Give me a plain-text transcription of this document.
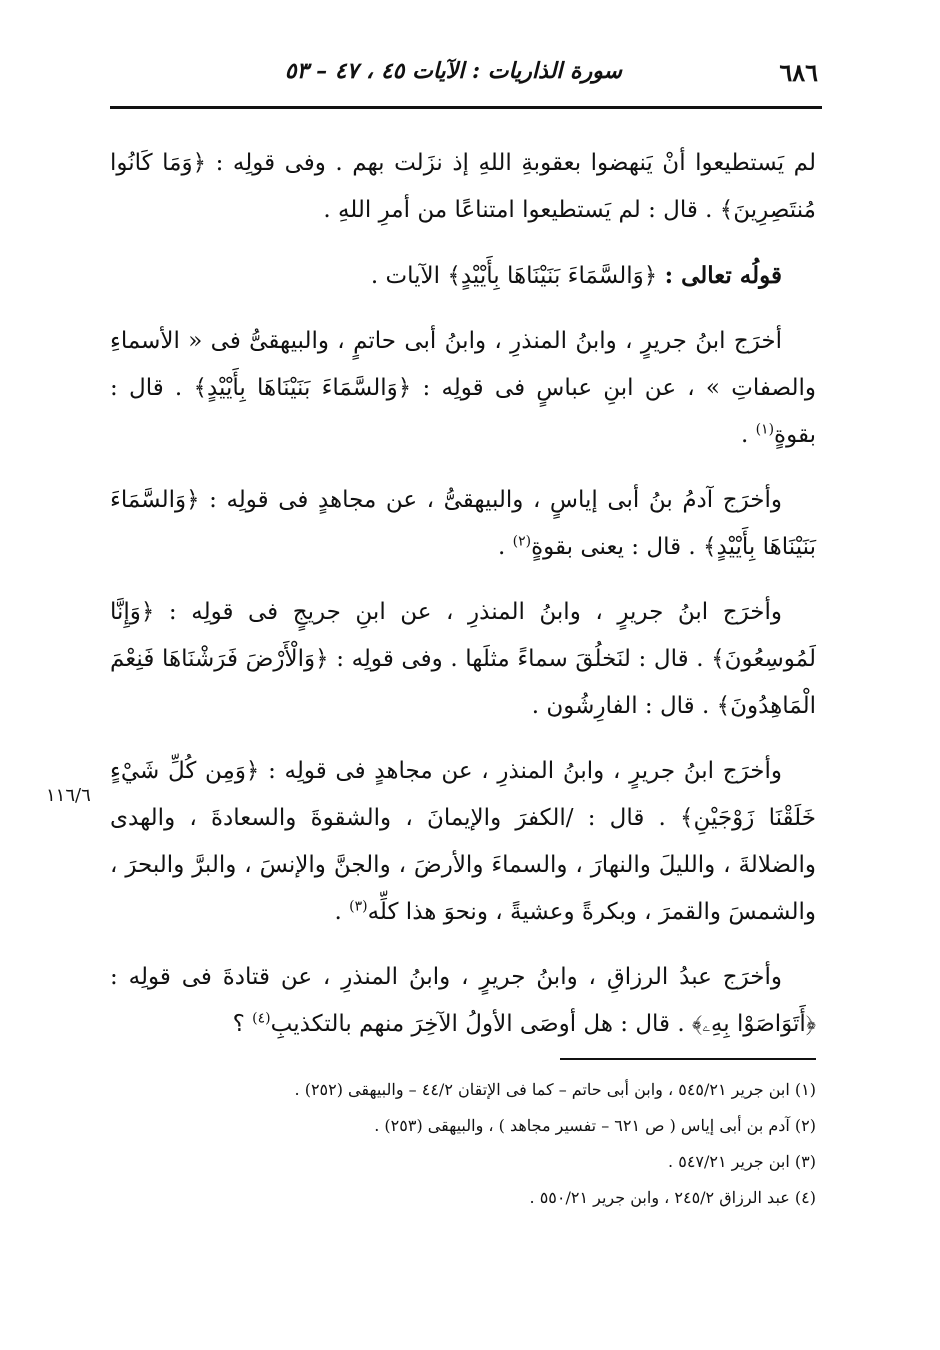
٦٨٦
سورة الذاريات : الآيات ٤٥ ، ٤٧ – ٥٣
١١٦/٦

لم يَستطيعوا أنْ يَنهضوا بعقوبةِ اللهِ إذ نزَلت بهم . وفى قولِه : ﴿وَمَا كَانُوا مُنتَصِرِينَ﴾ . قال : لم يَستطيعوا امتناعًا من أمرِ اللهِ .

قولُه تعالى : ﴿وَالسَّمَاءَ بَنَيْنَاهَا بِأَيْيْدٍ﴾ الآيات .

أخرَج ابنُ جريرٍ ، وابنُ المنذرِ ، وابنُ أبى حاتمٍ ، والبيهقىُّ فى « الأسماءِ والصفاتِ » ، عن ابنِ عباسٍ فى قولِه : ﴿وَالسَّمَاءَ بَنَيْنَاهَا بِأَيْيْدٍ﴾ . قال : بقوةٍ$^{(١)}$ .

وأخرَج آدمُ بنُ أبى إياسٍ ، والبيهقىُّ ، عن مجاهدٍ فى قولِه : ﴿وَالسَّمَاءَ بَنَيْنَاهَا بِأَيْيْدٍ﴾ . قال : يعنى بقوةٍ$^{(٢)}$ .

وأخرَج ابنُ جريرٍ ، وابنُ المنذرِ ، عن ابنِ جريجٍ فى قولِه : ﴿وَإِنَّا لَمُوسِعُونَ﴾ . قال : لنَخلُقَ سماءً مثلَها . وفى قولِه : ﴿وَالْأَرْضَ فَرَشْنَاهَا فَنِعْمَ الْمَاهِدُونَ﴾ . قال : الفارِشُون .

وأخرَج ابنُ جريرٍ ، وابنُ المنذرِ ، عن مجاهدٍ فى قولِه : ﴿وَمِن كُلِّ شَيْءٍ خَلَقْنَا زَوْجَيْنِ﴾ . قال : /الكفرَ والإيمانَ ، والشقوةَ والسعادةَ ، والهدى والضلالةَ ، والليلَ والنهارَ ، والسماءَ والأرضَ ، والجنَّ والإنسَ ، والبرَّ والبحرَ ، والشمسَ والقمرَ ، وبكرةً وعشيةً ، ونحوَ هذا كلِّه$^{(٣)}$ .

وأخرَج عبدُ الرزاقِ ، وابنُ جريرٍ ، وابنُ المنذرِ ، عن قتادةَ فى قولِه : ﴿أَتَوَاصَوْا بِهِۦ﴾ . قال : هل أوصَى الأولُ الآخِرَ منهم بالتكذيبِ$^{(٤)}$ ؟

(١) ابن جرير ٥٤٥/٢١ ، وابن أبى حاتم – كما فى الإتقان ٤٤/٢ – والبيهقى (٢٥٢) .

(٢) آدم بن أبى إياس ( ص ٦٢١ – تفسير مجاهد ) ، والبيهقى (٢٥٣) .

(٣) ابن جرير ٥٤٧/٢١ .

(٤) عبد الرزاق ٢٤٥/٢ ، وابن جرير ٥٥٠/٢١ .
